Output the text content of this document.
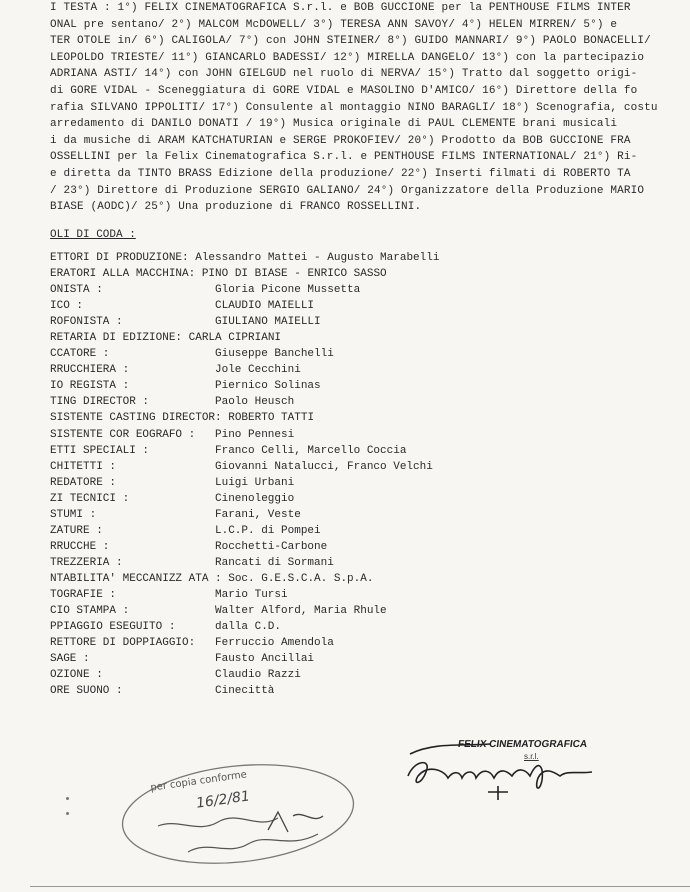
I TESTA : 1°) FELIX CINEMATOGRAFICA S.r.l. e BOB GUCCIONE per la PENTHOUSE FILMS INTER
ONAL pre sentano/ 2°) MALCOM McDOWELL/ 3°) TERESA ANN SAVOY/ 4°) HELEN MIRREN/ 5°) e
TER OTOLE in/ 6°) CALIGOLA/ 7°) con JOHN STEINER/ 8°) GUIDO MANNARI/ 9°) PAOLO BONACELLI/
LEOPOLDO TRIESTE/ 11°) GIANCARLO BADESSI/ 12°) MIRELLA DANGELO/ 13°) con la partecipazio
ADRIANA ASTI/ 14°) con JOHN GIELGUD nel ruolo di NERVA/ 15°) Tratto dal soggetto origi-
di GORE VIDAL - Sceneggiatura di GORE VIDAL e MASOLINO D'AMICO/ 16°) Direttore della fo
rafia SILVANO IPPOLITI/ 17°) Consulente al montaggio NINO BARAGLI/ 18°) Scenografia, costu
arredamento di DANILO DONATI / 19°) Musica originale di PAUL CLEMENTE brani musicali
i da musiche di ARAM KATCHATURIAN e SERGE PROKOFIEV/ 20°) Prodotto da BOB GUCCIONE FRA
OSSELLINI per la Felix Cinematografica S.r.l. e PENTHOUSE FILMS INTERNATIONAL/ 21°) Ri-
e diretta da TINTO BRASS Edizione della produzione/ 22°) Inserti filmati di ROBERTO TA
/ 23°) Direttore di Produzione SERGIO GALIANO/ 24°) Organizzatore della Produzione MARIO
BIASE (AODC)/ 25°) Una produzione di FRANCO ROSSELLINI.
OLI DI CODA :
ETTORI DI PRODUZIONE: Alessandro Mattei - Augusto Marabelli
ERATORI ALLA MACCHINA: PINO DI BIASE - ENRICO SASSO
ONISTA :	Gloria Picone Mussetta
ICO :	CLAUDIO MAIELLI
ROFONISTA :	GIULIANO MAIELLI
RETARIA DI EDIZIONE: CARLA CIPRIANI
CCATORE :	Giuseppe Banchelli
RRUCCHIERA :	Jole Cecchini
IO REGISTA :	Piernico Solinas
TING DIRECTOR :	Paolo Heusch
SISTENTE CASTING DIRECTOR: ROBERTO TATTI
SISTENTE COR EOGRAFO : Pino Pennesi
ETTI SPECIALI :	Franco Celli, Marcello Coccia
CHITETTI :	Giovanni Natalucci, Franco Velchi
REDATORE :	Luigi Urbani
ZI TECNICI :	Cinenoleggio
STUMI :	Farani, Veste
ZATURE :	L.C.P. di Pompei
RRUCCHE :	Rocchetti-Carbone
TREZZERIA :	Rancati di Sormani
NTABILITA' MECCANIZZ ATA : Soc. G.E.S.C.A. S.p.A.
TOGRAFIE :	Mario Tursi
CIO STAMPA :	Walter Alford, Maria Rhule
PPIAGGIO ESEGUITO :	dalla C.D.
RETTORE DI DOPPIAGGIO: Ferruccio Amendola
SAGE :	Fausto Ancillai
OZIONE :	Claudio Razzi
ORE SUONO :	Cinecittà
per copia conforme
16/2/81
FELIX CINEMATOGRAFICA
s.r.l.
